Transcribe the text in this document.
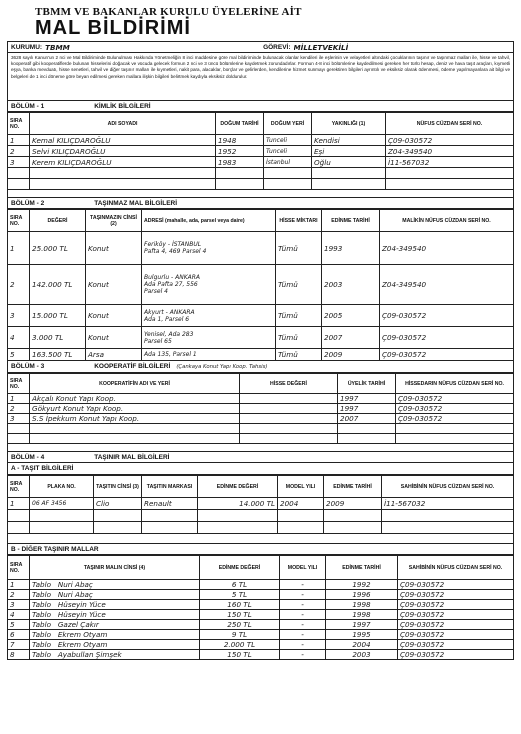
TBMM VE BAKANLAR KURULU ÜYELERİNE AİT
MAL BİLDİRİMİ
KURUMU: TBMM	GÖREVİ: MİLLETVEKİLİ
3628 sayılı Kanun'un 2 nci ve Mal Bildiriminde Bulunulması Hakkında Yönetmeliğin 8 inci maddesine göre mal bildiriminde bulunacak olanlar kendileri ile eşlerinin ve velayetleri altındaki çocuklarının taşınır ve taşınmaz malları ile, hisse ve tahvil, kooperatif gibi kooperatiflerde bulunan hisselerini doğacak ve vücuda gelecek formun 2 nci ve 3 üncü bölümlerine kaydetmek zorundadırlar. Formun 4-8 inci bölümlerine kaydedilmesi gereken her türlü hesap, deniz ve hava taşıt araçları, kıymetli eşya, banka mevduatı, hisse senetleri, tahvil ve diğer taşınır malları ile kıymetleri, nakit para, alacaklar, borçlar ve gelirlerden, kendilerine hizmet sunmayı gerektiren bilgileri ayrıntılı ve eksiksiz olarak ödenmesi, ödeme yapılmayanlara ait bilgi ve belgeleri de 1 inci döneme göre beyan edilmesi gereken mallara ilişkin bilgileri belirtmek kaydıyla eksiksiz doldurulur.
BÖLÜM - 1	KİMLİK BİLGİLERİ
SIRA NO.	ADI SOYADI	DOĞUM TARİHİ	DOĞUM YERİ	YAKINLIĞI (1)	NÜFUS CÜZDAN SERİ NO.
1	Kemal KILIÇDAROĞLU	1948	Tunceli	Kendisi	Ç09-030572
2	Selvi KILIÇDAROĞLU	1952	Tunceli	Eşi	Z04-349540
3	Kerem KILIÇDAROĞLU	1983	İstanbul	Oğlu	İ11-567032

BÖLÜM - 2	TAŞINMAZ MAL BİLGİLERİ
SIRA NO.	DEĞERİ	TAŞINMAZIN CİNSİ (2)	ADRESİ (mahalle, ada, parsel veya daire)	HİSSE MİKTARI	EDİNME TARİHİ	MALİKİN NÜFUS CÜZDAN SERİ NO.
1	25.000 TL	Konut	Feriköy - İSTANBUL
Pafta 4, 469 Parsel 4	Tümü	1993	Z04-349540
2	142.000 TL	Konut	Bulgurlu - ANKARA
Ada Pafta 27, 556
Parsel 4	Tümü	2003	Z04-349540
3	15.000 TL	Konut	Akyurt - ANKARA
Ada 1, Parsel 6	Tümü	2005	Ç09-030572
4	3.000 TL	Konut	Yenisel, Ada 283
Parsel 65	Tümü	2007	Ç09-030572
5	163.500 TL	Arsa	Ada 135, Parsel 1	Tümü	2009	Ç09-030572
BÖLÜM - 3	KOOPERATİF BİLGİLERİ (Çankaya Konut Yapı Koop. Tahsis)
SIRA NO.	KOOPERATİFİN ADI VE YERİ	HİSSE DEĞERİ	ÜYELİK TARİHİ	HİSSEDARIN NÜFUS CÜZDAN SERİ NO.
1	Akçalı Konut Yapı Koop.		1997	Ç09-030572
2	Gökyurt Konut Yapı Koop.		1997	Ç09-030572
3	S.S İpekkum Konut Yapı Koop.		2007	Ç09-030572

BÖLÜM - 4	TAŞINIR MAL BİLGİLERİ
A - TAŞIT BİLGİLERİ
SIRA NO.	PLAKA NO.	TAŞITIN CİNSİ (3)	TAŞITIN MARKASI	EDİNME DEĞERİ	MODEL YILI	EDİNME TARİHİ	SAHİBİNİN NÜFUS CÜZDAN SERİ NO.
1	06 AF 3456	Clio	Renault	14.000 TL	2004	2009	İ11-567032

B - DİĞER TAŞINIR MALLAR
SIRA NO.	TAŞINIR MALIN CİNSİ (4)	EDİNME DEĞERİ	MODEL YILI	EDİNME TARİHİ	SAHİBİNİN NÜFUS CÜZDAN SERİ NO.
1	Tablo Nuri Abaç	6 TL	-	1992	Ç09-030572
2	Tablo Nuri Abaç	5 TL	-	1996	Ç09-030572
3	Tablo Hüseyin Yüce	160 TL	-	1998	Ç09-030572
4	Tablo Hüseyin Yüce	150 TL	-	1998	Ç09-030572
5	Tablo Gazel Çakır	250 TL	-	1997	Ç09-030572
6	Tablo Ekrem Otyam	9 TL	-	1995	Ç09-030572
7	Tablo Ekrem Otyam	2.000 TL	-	2004	Ç09-030572
8	Tablo Ayabullan Şimşek	150 TL	-	2003	Ç09-030572
